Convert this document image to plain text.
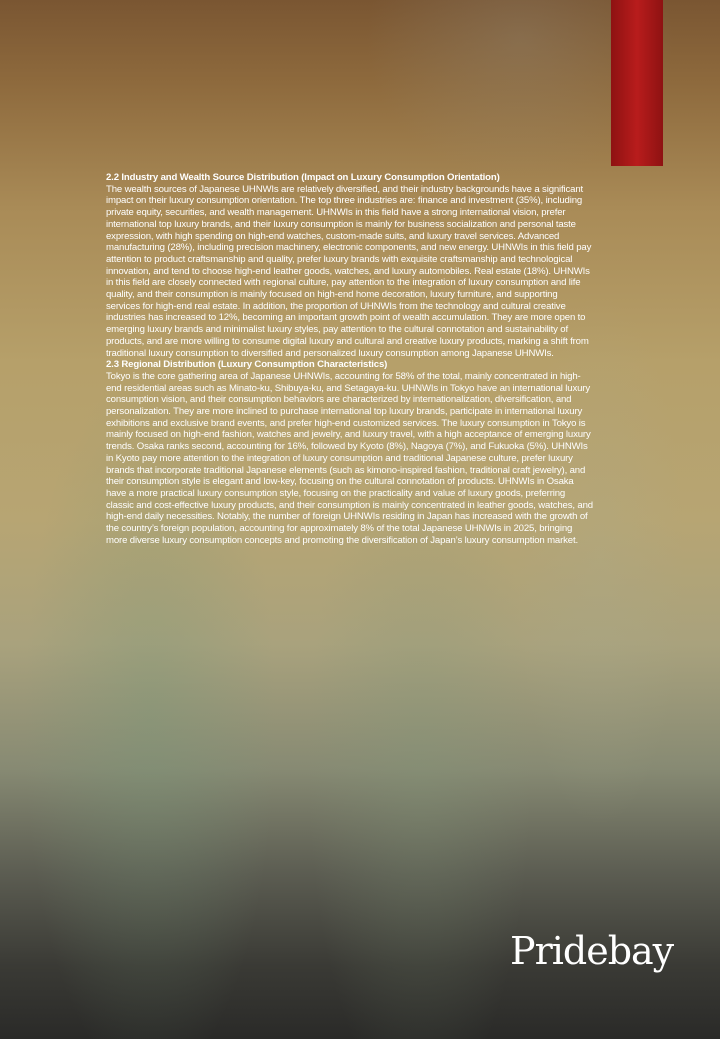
2.2 Industry and Wealth Source Distribution (Impact on Luxury Consumption Orientation)

The wealth sources of Japanese UHNWIs are relatively diversified, and their industry backgrounds have a significant impact on their luxury consumption orientation. The top three industries are: finance and investment (35%), including private equity, securities, and wealth management. UHNWIs in this field have a strong international vision, prefer international top luxury brands, and their luxury consumption is mainly for business socialization and personal taste expression, with high spending on high-end watches, custom-made suits, and luxury travel services. Advanced manufacturing (28%), including precision machinery, electronic components, and new energy. UHNWIs in this field pay attention to product craftsmanship and quality, prefer luxury brands with exquisite craftsmanship and technological innovation, and tend to choose high-end leather goods, watches, and luxury automobiles. Real estate (18%). UHNWIs in this field are closely connected with regional culture, pay attention to the integration of luxury consumption and life quality, and their consumption is mainly focused on high-end home decoration, luxury furniture, and supporting services for high-end real estate. In addition, the proportion of UHNWIs from the technology and cultural creative industries has increased to 12%, becoming an important growth point of wealth accumulation. They are more open to emerging luxury brands and minimalist luxury styles, pay attention to the cultural connotation and sustainability of products, and are more willing to consume digital luxury and cultural and creative luxury products, marking a shift from traditional luxury consumption to diversified and personalized luxury consumption among Japanese UHNWIs.

2.3 Regional Distribution (Luxury Consumption Characteristics)

Tokyo is the core gathering area of Japanese UHNWIs, accounting for 58% of the total, mainly concentrated in high-end residential areas such as Minato-ku, Shibuya-ku, and Setagaya-ku. UHNWIs in Tokyo have an international luxury consumption vision, and their consumption behaviors are characterized by internationalization, diversification, and personalization. They are more inclined to purchase international top luxury brands, participate in international luxury exhibitions and exclusive brand events, and prefer high-end customized services. The luxury consumption in Tokyo is mainly focused on high-end fashion, watches and jewelry, and luxury travel, with a high acceptance of emerging luxury trends. Osaka ranks second, accounting for 16%, followed by Kyoto (8%), Nagoya (7%), and Fukuoka (5%). UHNWIs in Kyoto pay more attention to the integration of luxury consumption and traditional Japanese culture, prefer luxury brands that incorporate traditional Japanese elements (such as kimono-inspired fashion, traditional craft jewelry), and their consumption style is elegant and low-key, focusing on the cultural connotation of products. UHNWIs in Osaka have a more practical luxury consumption style, focusing on the practicality and value of luxury goods, preferring classic and cost-effective luxury products, and their consumption is mainly concentrated in leather goods, watches, and high-end daily necessities. Notably, the number of foreign UHNWIs residing in Japan has increased with the growth of the country’s foreign population, accounting for approximately 8% of the total Japanese UHNWIs in 2025, bringing more diverse luxury consumption concepts and promoting the diversification of Japan’s luxury consumption market.

Pridebay
